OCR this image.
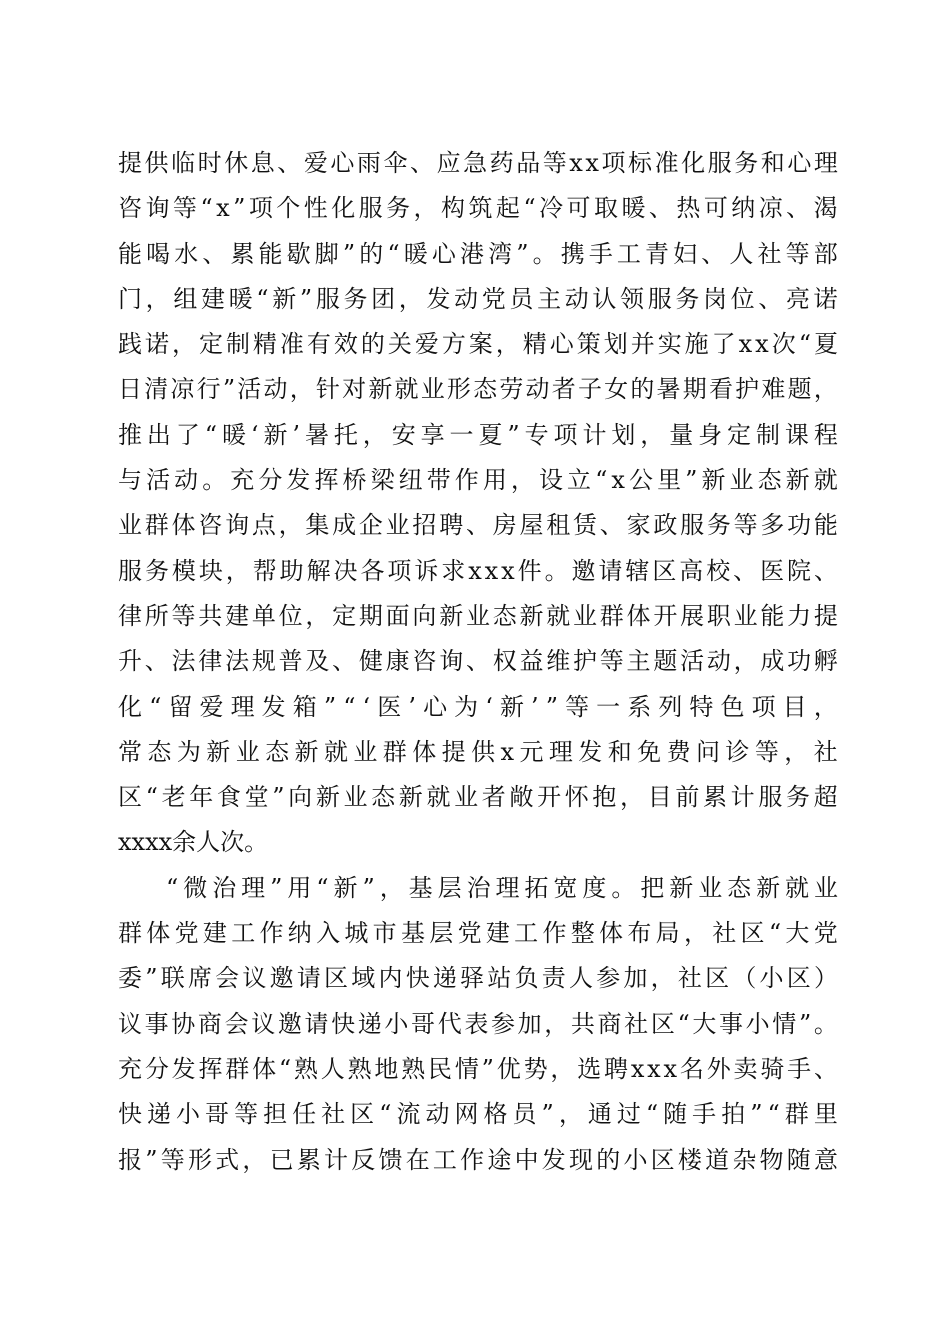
提 供 临 时 休 息 、 爱 心 雨 伞 、 应 急 药 品 等 x x 项 标 准 化 服 务 和 心 理
咨 询 等 “ x ” 项 个 性 化 服 务 ， 构 筑 起 “ 冷 可 取 暖 、 热 可 纳 凉 、 渴
能 喝 水 、 累 能 歇 脚 ” 的 “ 暖 心 港 湾 ” 。 携 手 工 青 妇 、 人 社 等 部
门 ， 组 建 暖 “ 新 ” 服 务 团 ， 发 动 党 员 主 动 认 领 服 务 岗 位 、 亮 诺
践 诺 ， 定 制 精 准 有 效 的 关 爱 方 案 ， 精 心 策 划 并 实 施 了 x x 次 “ 夏
日 清 凉 行 ” 活 动 ， 针 对 新 就 业 形 态 劳 动 者 子 女 的 暑 期 看 护 难 题 ，
推 出 了 “ 暖 ‘ 新 ’ 暑 托 ， 安 享 一 夏 ” 专 项 计 划 ， 量 身 定 制 课 程
与 活 动 。 充 分 发 挥 桥 梁 纽 带 作 用 ， 设 立 “ x 公 里 ” 新 业 态 新 就
业 群 体 咨 询 点 ， 集 成 企 业 招 聘 、 房 屋 租 赁 、 家 政 服 务 等 多 功 能
服 务 模 块 ， 帮 助 解 决 各 项 诉 求 x x x 件 。 邀 请 辖 区 高 校 、 医 院 、
律 所 等 共 建 单 位 ， 定 期 面 向 新 业 态 新 就 业 群 体 开 展 职 业 能 力 提
升 、 法 律 法 规 普 及 、 健 康 咨 询 、 权 益 维 护 等 主 题 活 动 ， 成 功 孵
化 “ 留 爱 理 发 箱 ” “ ‘ 医 ’ 心 为 ‘ 新 ’ ” 等 一 系 列 特 色 项 目 ，
常 态 为 新 业 态 新 就 业 群 体 提 供 x 元 理 发 和 免 费 问 诊 等 ， 社
区 “ 老 年 食 堂 ” 向 新 业 态 新 就 业 者 敞 开 怀 抱 ， 目 前 累 计 服 务 超
xxxx余人次。
“ 微 治 理 ” 用 “ 新 ” ， 基 层 治 理 拓 宽 度 。 把 新 业 态 新 就 业
群 体 党 建 工 作 纳 入 城 市 基 层 党 建 工 作 整 体 布 局 ， 社 区 “ 大 党
委 ” 联 席 会 议 邀 请 区 域 内 快 递 驿 站 负 责 人 参 加 ， 社 区 （ 小 区 ）
议 事 协 商 会 议 邀 请 快 递 小 哥 代 表 参 加 ， 共 商 社 区 “ 大 事 小 情 ” 。
充 分 发 挥 群 体 “ 熟 人 熟 地 熟 民 情 ” 优 势 ， 选 聘 x x x 名 外 卖 骑 手 、
快 递 小 哥 等 担 任 社 区 “ 流 动 网 格 员 ” ， 通 过 “ 随 手 拍 ” “ 群 里
报 ” 等 形 式 ， 已 累 计 反 馈 在 工 作 途 中 发 现 的 小 区 楼 道 杂 物 随 意
